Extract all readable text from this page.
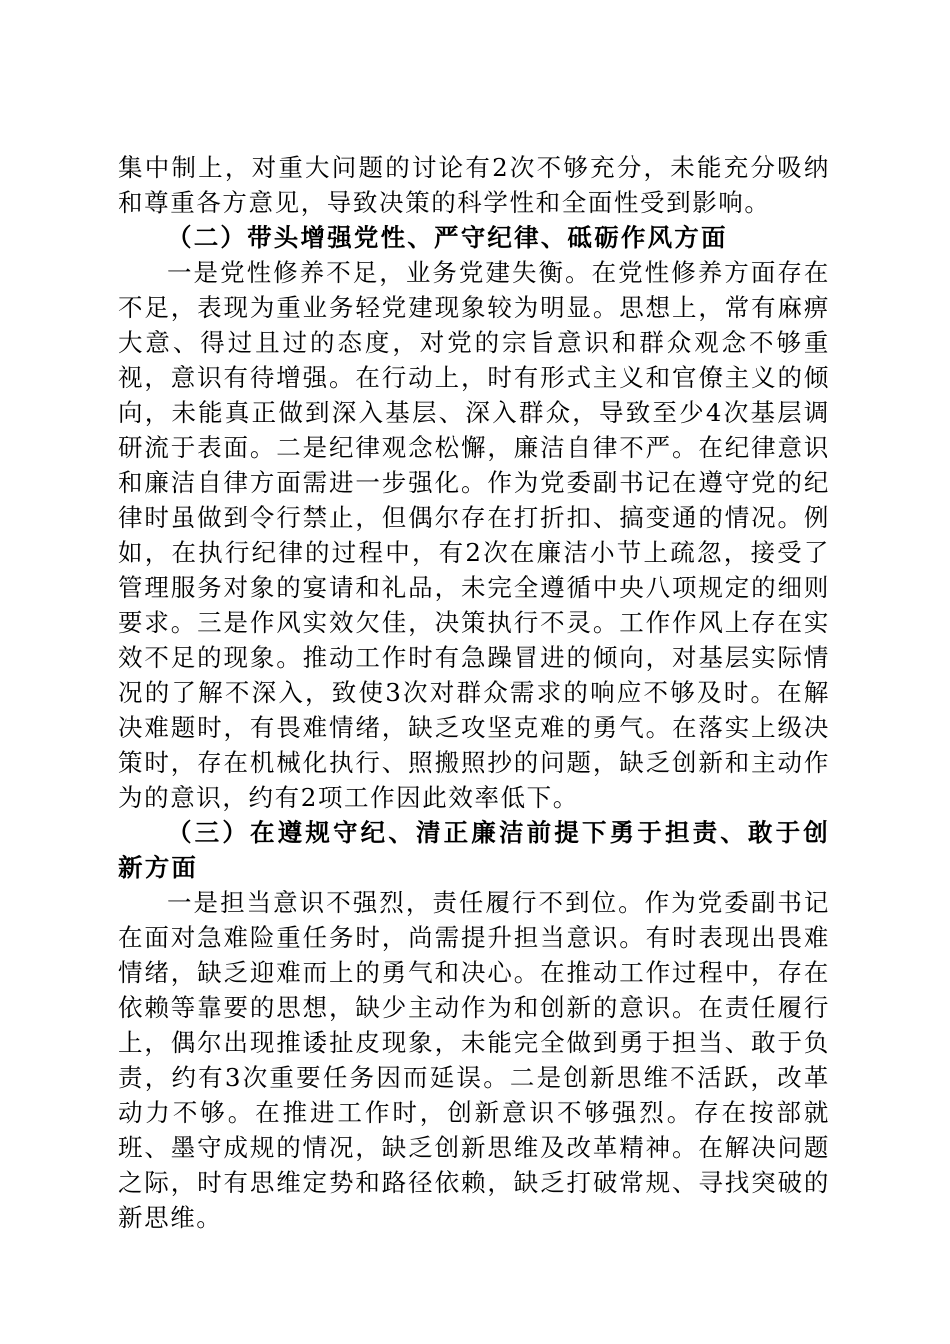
集中制上，对重大问题的讨论有2次不够充分，未能充分吸纳和尊重各方意见，导致决策的科学性和全面性受到影响。

（二）带头增强党性、严守纪律、砥砺作风方面

一是党性修养不足，业务党建失衡。在党性修养方面存在不足，表现为重业务轻党建现象较为明显。思想上，常有麻痹大意、得过且过的态度，对党的宗旨意识和群众观念不够重视，意识有待增强。在行动上，时有形式主义和官僚主义的倾向，未能真正做到深入基层、深入群众，导致至少4次基层调研流于表面。二是纪律观念松懈，廉洁自律不严。在纪律意识和廉洁自律方面需进一步强化。作为党委副书记在遵守党的纪律时虽做到令行禁止，但偶尔存在打折扣、搞变通的情况。例如，在执行纪律的过程中，有2次在廉洁小节上疏忽，接受了管理服务对象的宴请和礼品，未完全遵循中央八项规定的细则要求。三是作风实效欠佳，决策执行不灵。工作作风上存在实效不足的现象。推动工作时有急躁冒进的倾向，对基层实际情况的了解不深入，致使3次对群众需求的响应不够及时。在解决难题时，有畏难情绪，缺乏攻坚克难的勇气。在落实上级决策时，存在机械化执行、照搬照抄的问题，缺乏创新和主动作为的意识，约有2项工作因此效率低下。

（三）在遵规守纪、清正廉洁前提下勇于担责、敢于创新方面

一是担当意识不强烈，责任履行不到位。作为党委副书记在面对急难险重任务时，尚需提升担当意识。有时表现出畏难情绪，缺乏迎难而上的勇气和决心。在推动工作过程中，存在依赖等靠要的思想，缺少主动作为和创新的意识。在责任履行上，偶尔出现推诿扯皮现象，未能完全做到勇于担当、敢于负责，约有3次重要任务因而延误。二是创新思维不活跃，改革动力不够。在推进工作时，创新意识不够强烈。存在按部就班、墨守成规的情况，缺乏创新思维及改革精神。在解决问题之际，时有思维定势和路径依赖，缺乏打破常规、寻找突破的新思维。
